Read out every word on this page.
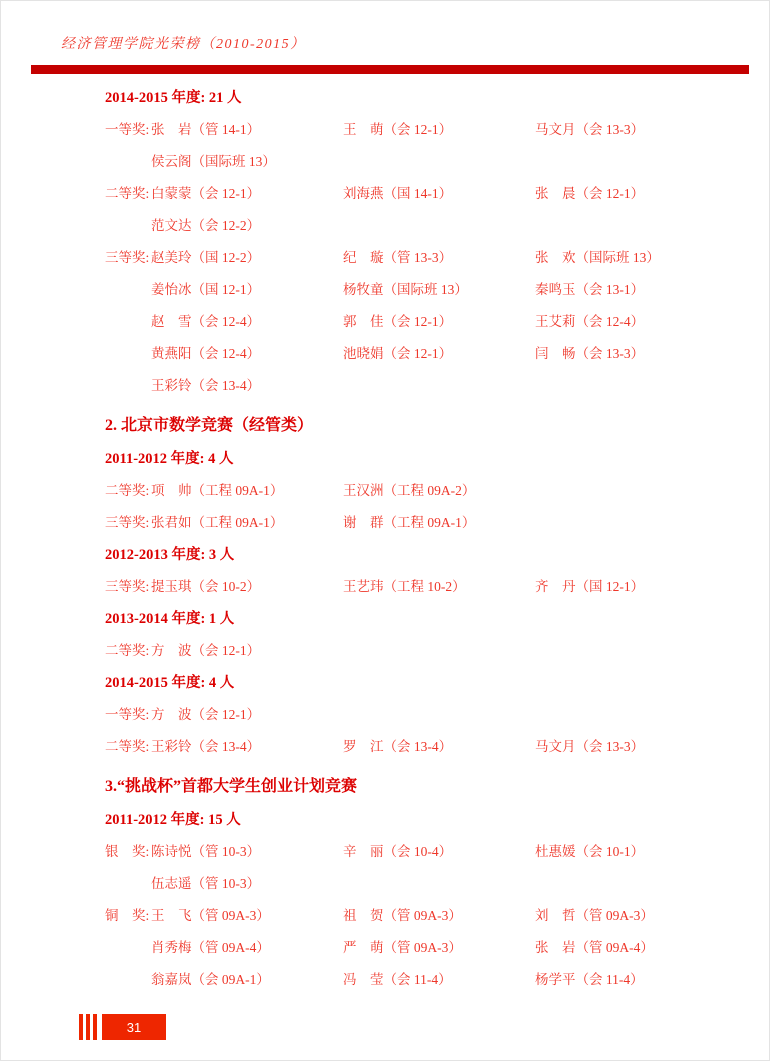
经济管理学院光荣榜（2010-2015）
2014-2015 年度: 21 人
一等奖: 张　岩（管 14-1）	王　萌（会 12-1）	马文月（会 13-3）
侯云阁（国际班 13）
二等奖: 白蒙蒙（会 12-1）	刘海燕（国 14-1）	张　晨（会 12-1）
范文达（会 12-2）
三等奖: 赵美玲（国 12-2）	纪　璇（管 13-3）	张　欢（国际班 13）
姜怡冰（国 12-1）	杨牧童（国际班 13）	秦鸣玉（会 13-1）
赵　雪（会 12-4）	郭　佳（会 12-1）	王艾莉（会 12-4）
黄燕阳（会 12-4）	池晓娟（会 12-1）	闫　畅（会 13-3）
王彩铃（会 13-4）
2. 北京市数学竞赛（经管类）
2011-2012 年度: 4 人
二等奖: 项　帅（工程 09A-1）	王汉洲（工程 09A-2）
三等奖: 张君如（工程 09A-1）	谢　群（工程 09A-1）
2012-2013 年度: 3 人
三等奖: 提玉琪（会 10-2）	王艺玮（工程 10-2）	齐　丹（国 12-1）
2013-2014 年度: 1 人
二等奖: 方　波（会 12-1）
2014-2015 年度: 4 人
一等奖: 方　波（会 12-1）
二等奖: 王彩铃（会 13-4）	罗　江（会 13-4）	马文月（会 13-3）
3.“挑战杯”首都大学生创业计划竞赛
2011-2012 年度: 15 人
银　奖: 陈诗悦（管 10-3）	辛　丽（会 10-4）	杜惠媛（会 10-1）
伍志遥（管 10-3）
铜　奖: 王　飞（管 09A-3）	祖　贺（管 09A-3）	刘　哲（管 09A-3）
肖秀梅（管 09A-4）	严　萌（管 09A-3）	张　岩（管 09A-4）
翁嘉岚（会 09A-1）	冯　莹（会 11-4）	杨学平（会 11-4）
31
